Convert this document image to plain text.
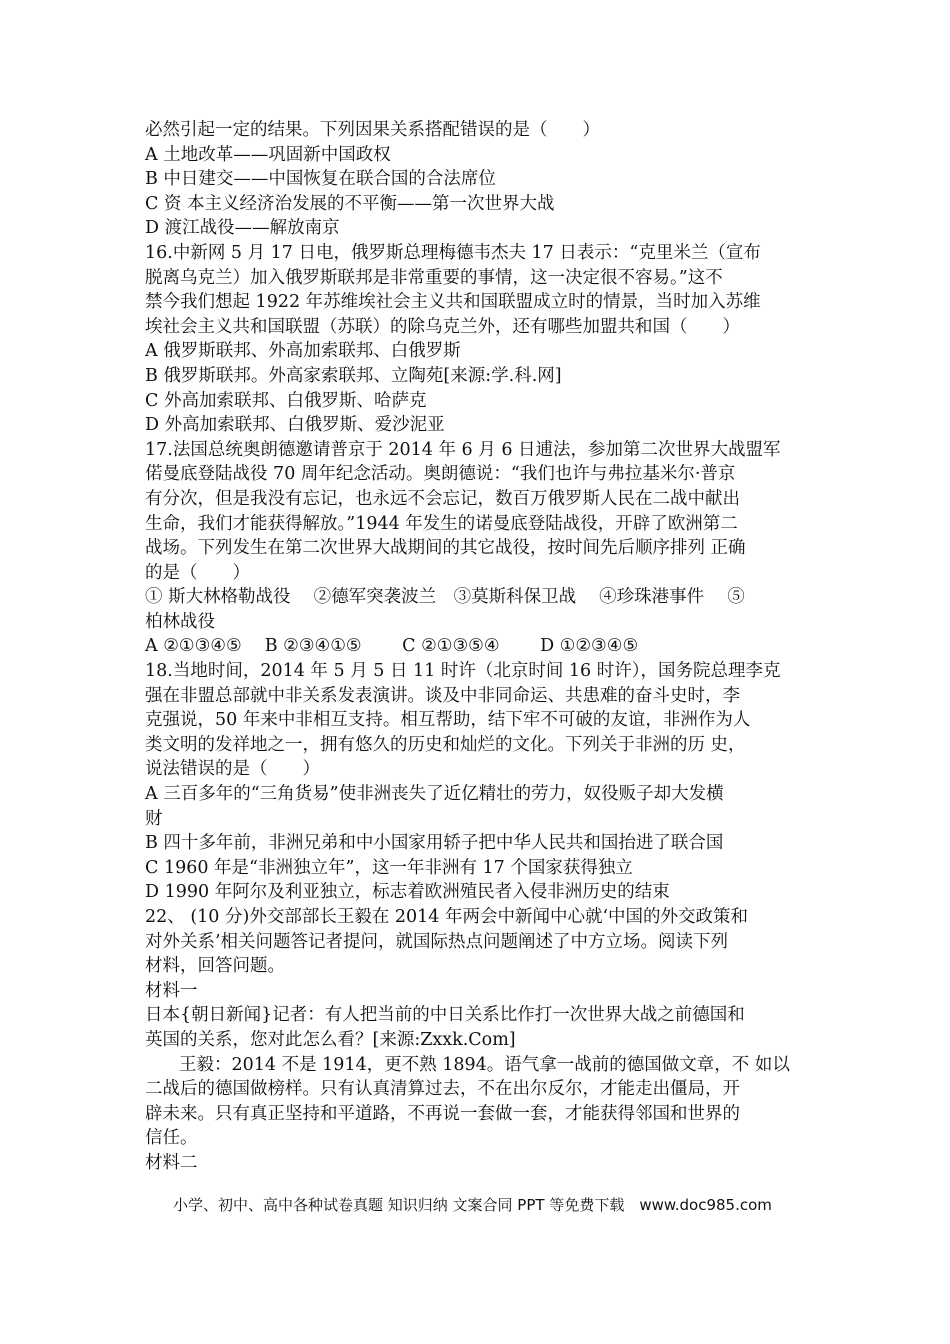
必然引起一定的结果。下列因果关系搭配错误的是（　　）
A 土地改革——巩固新中国政权
B 中日建交——中国恢复在联合国的合法席位
C 资 本主义经济治发展的不平衡——第一次世界大战
D 渡江战役——解放南京
16.中新网 5 月 17 日电，俄罗斯总理梅德韦杰夫 17 日表示：“克里米兰（宣布
脱离乌克兰）加入俄罗斯联邦是非常重要的事情，这一决定很不容易。”这不
禁今我们想起 1922 年苏维埃社会主义共和国联盟成立时的情景，当时加入苏维
埃社会主义共和国联盟（苏联）的除乌克兰外，还有哪些加盟共和国（　　）
A 俄罗斯联邦、外高加索联邦、白俄罗斯
B 俄罗斯联邦。外高家索联邦、立陶苑[来源:学.科.网]
C 外高加索联邦、白俄罗斯、哈萨克
D 外高加索联邦、白俄罗斯、爱沙泥亚
17.法国总统奥朗德邀请普京于 2014 年 6 月 6 日逋法，参加第二次世界大战盟军
偌曼底登陆战役 70 周年纪念活动。奥朗德说：“我们也许与弗拉基米尔·普京
有分次，但是我没有忘记，也永远不会忘记，数百万俄罗斯人民在二战中献出
生命，我们才能获得解放。”1944 年发生的诺曼底登陆战役，开辟了欧洲第二
战场。下列发生在第二次世界大战期间的其它战役，按时间先后顺序排列 正确
的是（　　）
① 斯大林格勒战役　 ②德军突袭波兰　③莫斯科保卫战　 ④珍珠港事件　 ⑤
柏林战役
A ②①③④⑤　 B ②③④①⑤　　 C ②①③⑤④　　 D ①②③④⑤
18.当地时间，2014 年 5 月 5 日 11 时许（北京时间 16 时许），国务院总理李克
强在非盟总部就中非关系发表演讲。谈及中非同命运、共患难的奋斗史时，李
克强说，50 年来中非相互支持。相互帮助，结下牢不可破的友谊，非洲作为人
类文明的发祥地之一，拥有悠久的历史和灿烂的文化。下列关于非洲的历 史，
说法错误的是（　　）
A 三百多年的“三角货易”使非洲丧失了近亿精壮的劳力，奴役贩子却大发横
财
B 四十多年前，非洲兄弟和中小国家用轿子把中华人民共和国抬进了联合国
C 1960 年是“非洲独立年”，这一年非洲有 17 个国家获得独立
D 1990 年阿尔及利亚独立，标志着欧洲殖民者入侵非洲历史的结束
22、 (10 分)外交部部长王毅在 2014 年两会中新闻中心就‘中国的外交政策和
对外关系’相关问题答记者提问，就国际热点问题阐述了中方立场。阅读下列
材料，回答问题。
材料一
日本{朝日新闻}记者：有人把当前的中日关系比作打一次世界大战之前德国和
英国的关系，您对此怎么看？[来源:Zxxk.Com]
王毅：2014 不是 1914，更不熟 1894。语气拿一战前的德国做文章，不 如以
二战后的德国做榜样。只有认真清算过去，不在出尔反尔，才能走出僵局，开
辟未来。只有真正坚持和平道路，不再说一套做一套，才能获得邻国和世界的
信任。
材料二
小学、初中、高中各种试卷真题 知识归纳 文案合同 PPT 等免费下载　www.doc985.com
